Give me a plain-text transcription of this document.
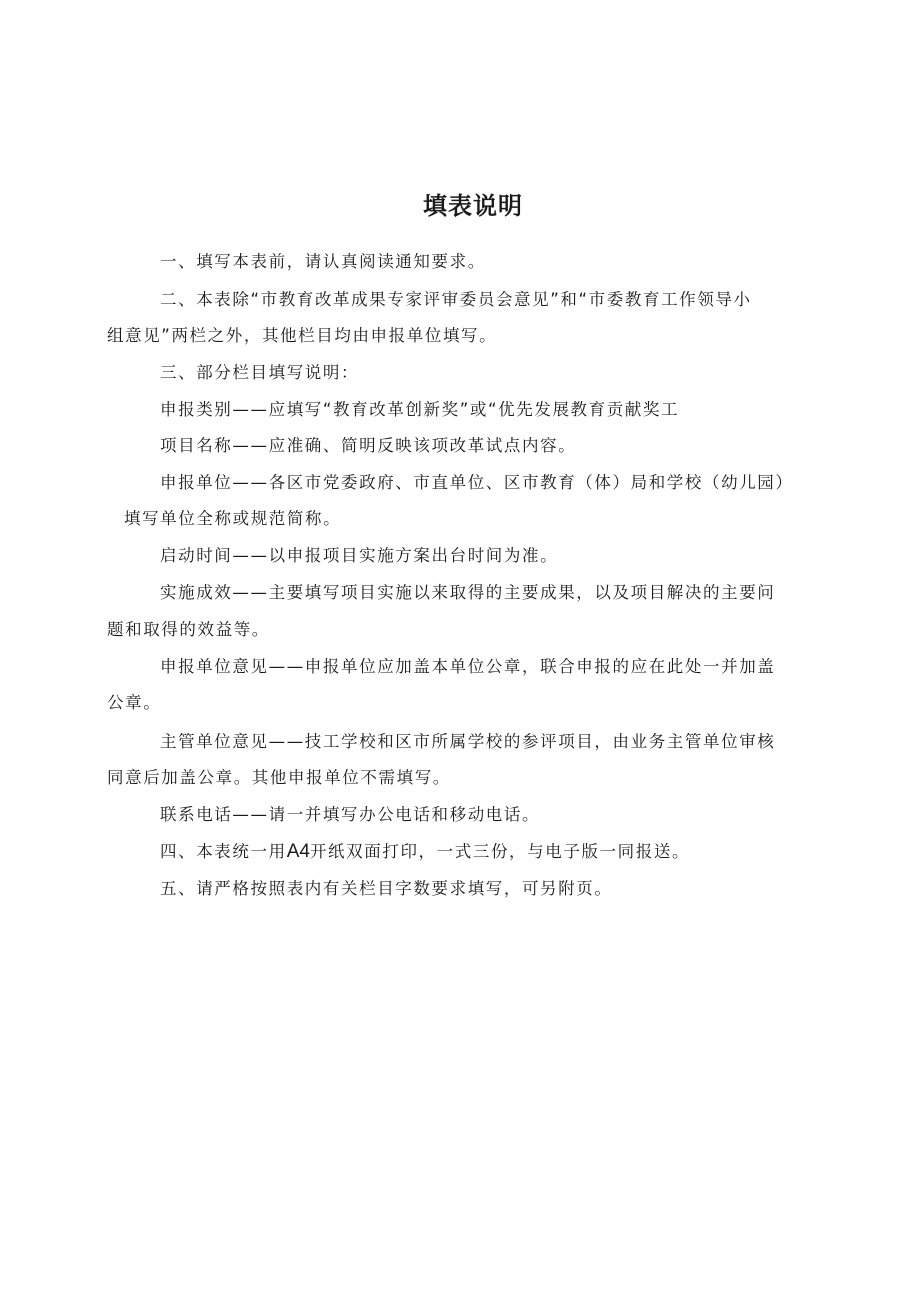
填表说明
一、填写本表前，请认真阅读通知要求。
二、本表除“市教育改革成果专家评审委员会意见”和“市委教育工作领导小
组意见”两栏之外，其他栏目均由申报单位填写。
三、部分栏目填写说明：
申报类别——应填写“教育改革创新奖”或“优先发展教育贡献奖工
项目名称——应准确、简明反映该项改革试点内容。
申报单位——各区市党委政府、市直单位、区市教育（体）局和学校（幼儿园）
填写单位全称或规范简称。
启动时间——以申报项目实施方案出台时间为准。
实施成效——主要填写项目实施以来取得的主要成果，以及项目解决的主要问
题和取得的效益等。
申报单位意见——申报单位应加盖本单位公章，联合申报的应在此处一并加盖
公章。
主管单位意见——技工学校和区市所属学校的参评项目，由业务主管单位审核
同意后加盖公章。其他申报单位不需填写。
联系电话——请一并填写办公电话和移动电话。
四、本表统一用A4开纸双面打印，一式三份，与电子版一同报送。
五、请严格按照表内有关栏目字数要求填写，可另附页。
